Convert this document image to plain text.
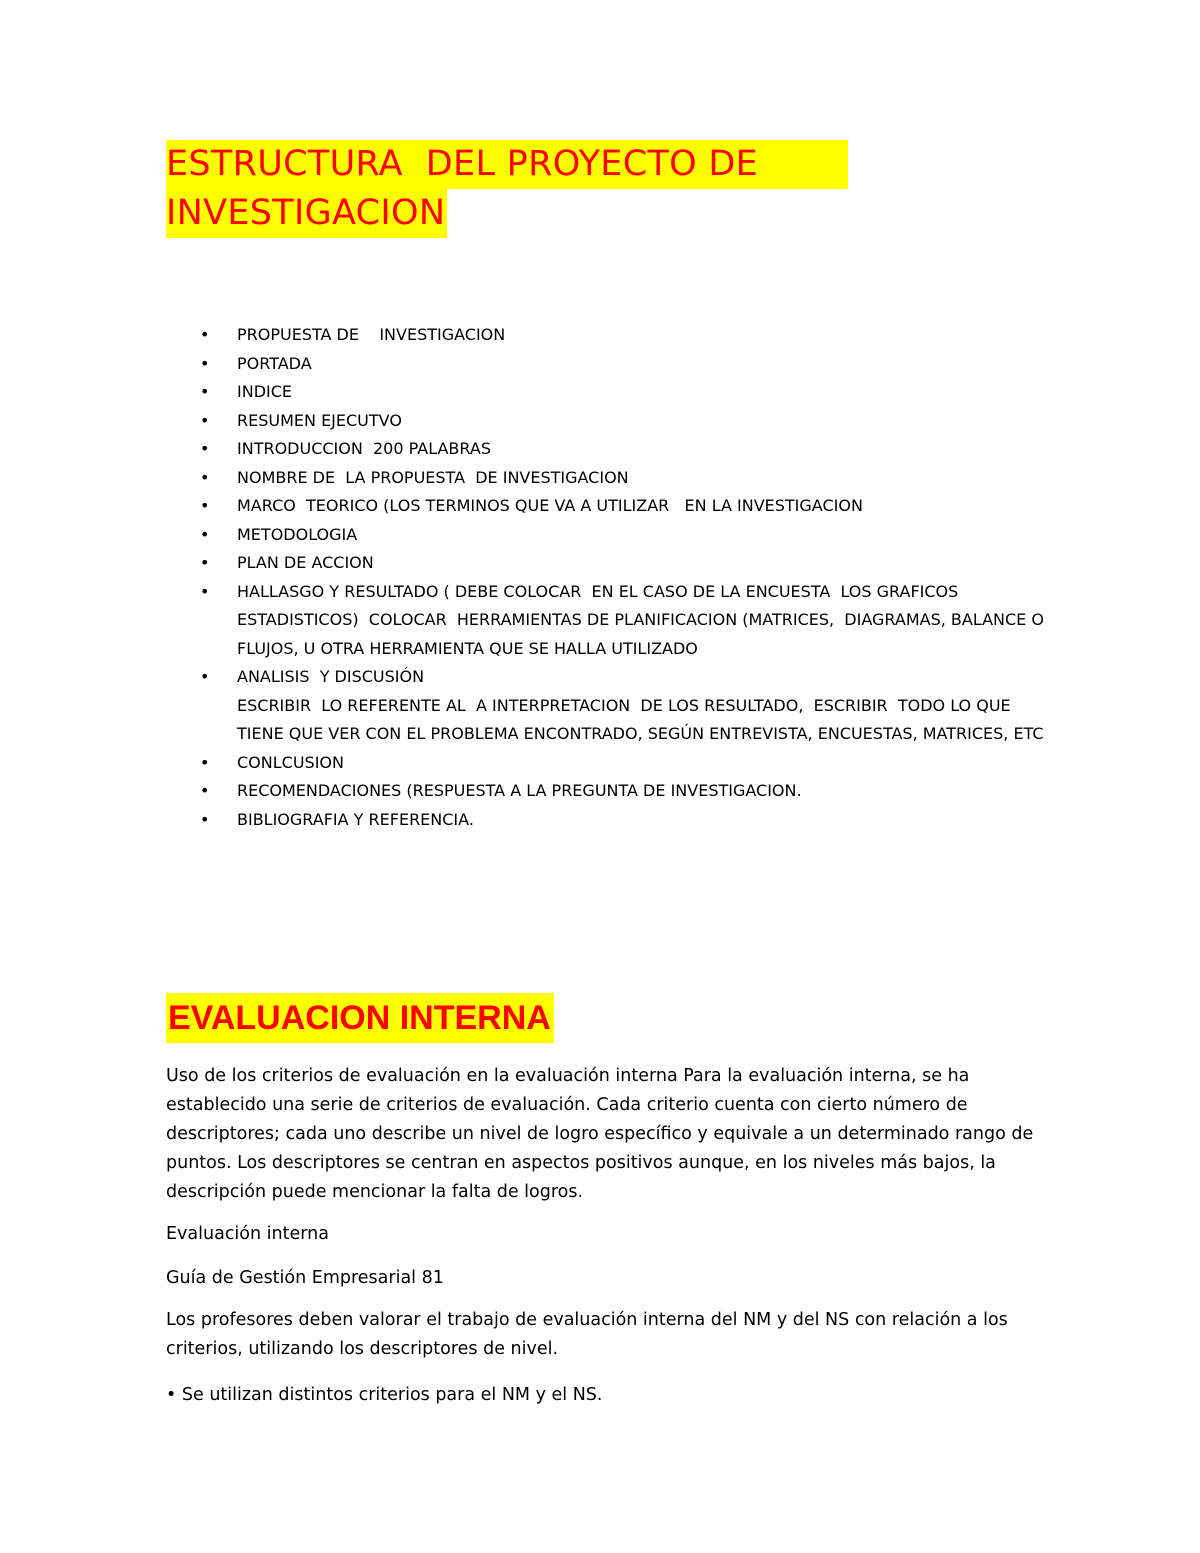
ESTRUCTURA  DEL PROYECTO DE
INVESTIGACION
• PROPUESTA DE    INVESTIGACION
• PORTADA
• INDICE
• RESUMEN EJECUTVO
• INTRODUCCION  200 PALABRAS
• NOMBRE DE  LA PROPUESTA  DE INVESTIGACION
• MARCO  TEORICO (LOS TERMINOS QUE VA A UTILIZAR   EN LA INVESTIGACION
• METODOLOGIA
• PLAN DE ACCION
• HALLASGO Y RESULTADO ( DEBE COLOCAR  EN EL CASO DE LA ENCUESTA  LOS GRAFICOS ESTADISTICOS)  COLOCAR  HERRAMIENTAS DE PLANIFICACION (MATRICES,  DIAGRAMAS, BALANCE O FLUJOS, U OTRA HERRAMIENTA QUE SE HALLA UTILIZADO
• ANALISIS  Y DISCUSIÓN
ESCRIBIR  LO REFERENTE AL  A INTERPRETACION  DE LOS RESULTADO,  ESCRIBIR  TODO LO QUE  TIENE QUE VER CON EL PROBLEMA ENCONTRADO, SEGÚN ENTREVISTA, ENCUESTAS, MATRICES, ETC
• CONLCUSION
• RECOMENDACIONES (RESPUESTA A LA PREGUNTA DE INVESTIGACION.
• BIBLIOGRAFIA Y REFERENCIA.
EVALUACION INTERNA

Uso de los criterios de evaluación en la evaluación interna Para la evaluación interna, se ha establecido una serie de criterios de evaluación. Cada criterio cuenta con cierto número de descriptores; cada uno describe un nivel de logro específico y equivale a un determinado rango de puntos. Los descriptores se centran en aspectos positivos aunque, en los niveles más bajos, la descripción puede mencionar la falta de logros.

Evaluación interna

Guía de Gestión Empresarial 81

Los profesores deben valorar el trabajo de evaluación interna del NM y del NS con relación a los criterios, utilizando los descriptores de nivel.

• Se utilizan distintos criterios para el NM y el NS.
